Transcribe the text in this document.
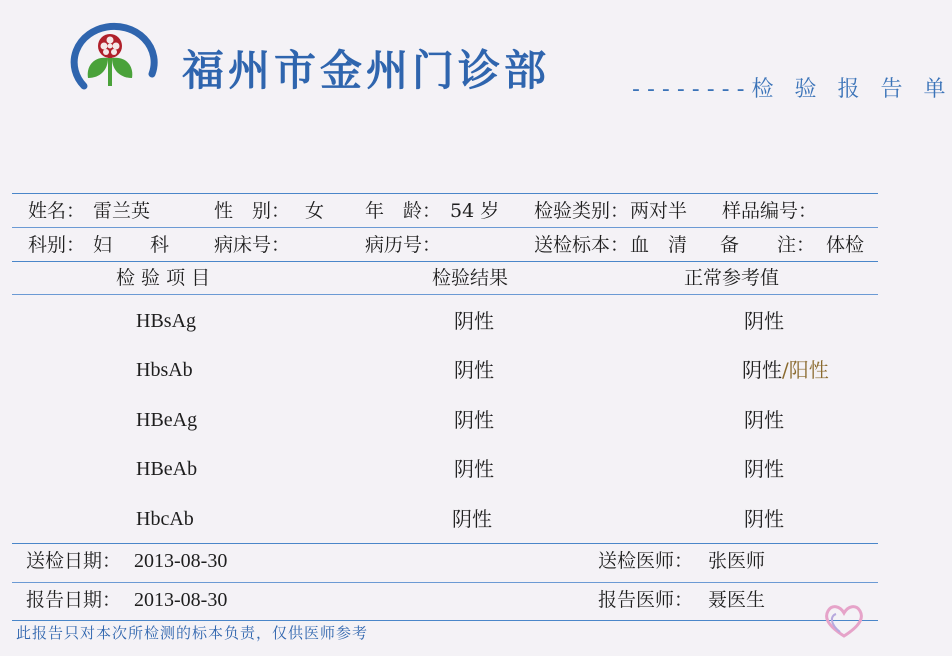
福州市金州门诊部	--------检 验 报 告 单
姓名： 雷兰英	性　别： 女 年　龄： 54 岁 检验类别： 两对半 样品编号：
科别： 妇　　科 病床号：	病历号：	送检标本： 血　清 备　　注： 体检
检 验 项 目	检验结果	正常参考值
HBsAg	阴性	阴性
HbsAb	阴性	阴性/阳性
HBeAg	阴性	阴性
HBeAb	阴性	阴性
HbcAb	阴性	阴性
送检日期： 2013-08-30	送检医师： 张医师
报告日期： 2013-08-30	报告医师： 聂医生
此报告只对本次所检测的标本负责，仅供医师参考
